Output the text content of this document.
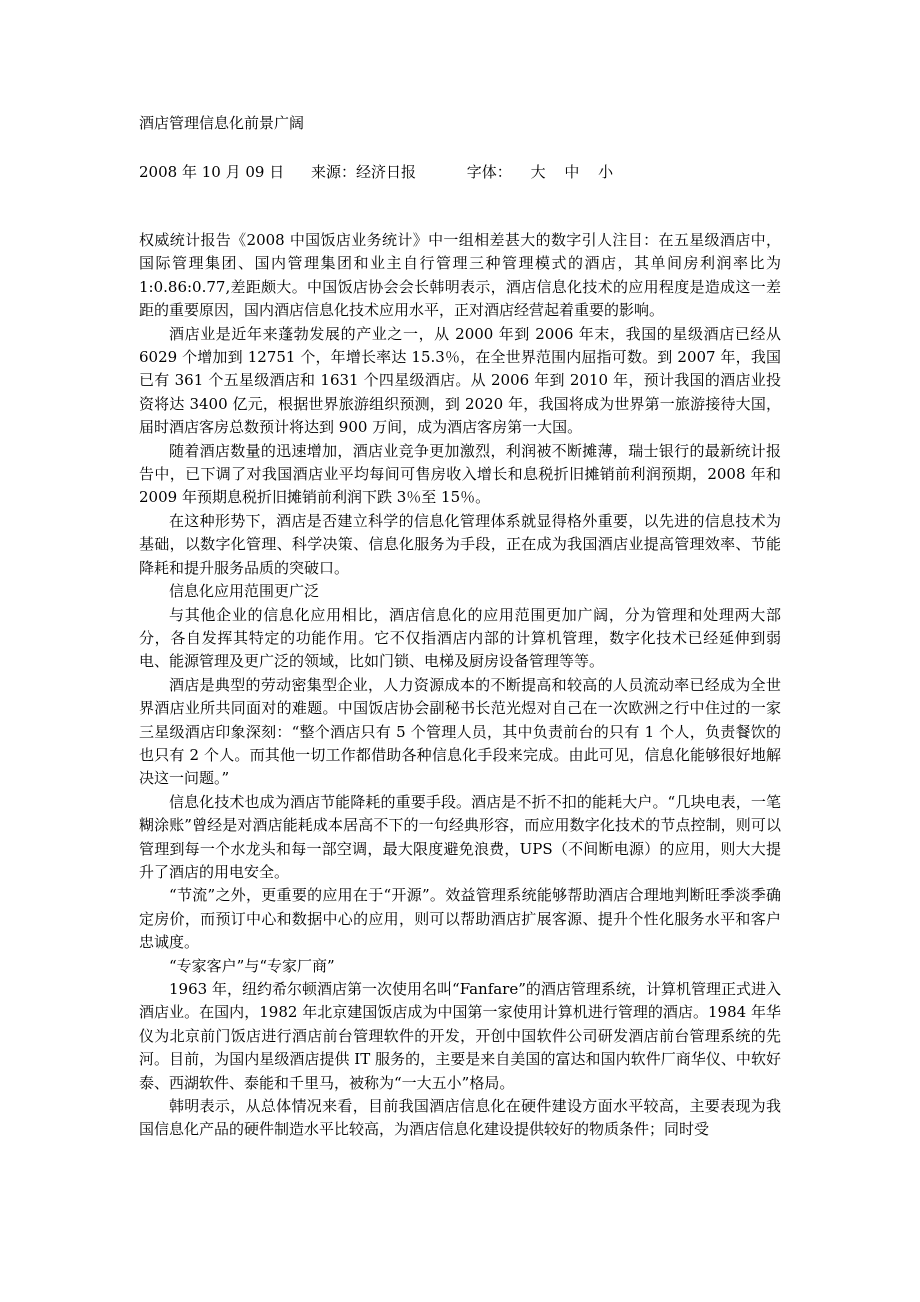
酒店管理信息化前景广阔
2008 年 10 月 09 日 来源：经济日报	字体： 大 中 小

权威统计报告《2008 中国饭店业务统计》中一组相差甚大的数字引人注目：在五星级酒店中，国际管理集团、国内管理集团和业主自行管理三种管理模式的酒店，其单间房利润率比为 1:0.86:0.77,差距颇大。中国饭店协会会长韩明表示，酒店信息化技术的应用程度是造成这一差距的重要原因，国内酒店信息化技术应用水平，正对酒店经营起着重要的影响。

酒店业是近年来蓬勃发展的产业之一，从 2000 年到 2006 年末，我国的星级酒店已经从 6029 个增加到 12751 个，年增长率达 15.3％，在全世界范围内屈指可数。到 2007 年，我国已有 361 个五星级酒店和 1631 个四星级酒店。从 2006 年到 2010 年，预计我国的酒店业投资将达 3400 亿元，根据世界旅游组织预测，到 2020 年，我国将成为世界第一旅游接待大国，届时酒店客房总数预计将达到 900 万间，成为酒店客房第一大国。

随着酒店数量的迅速增加，酒店业竞争更加激烈，利润被不断摊薄，瑞士银行的最新统计报告中，已下调了对我国酒店业平均每间可售房收入增长和息税折旧摊销前利润预期，2008 年和 2009 年预期息税折旧摊销前利润下跌 3％至 15％。

在这种形势下，酒店是否建立科学的信息化管理体系就显得格外重要，以先进的信息技术为基础，以数字化管理、科学决策、信息化服务为手段，正在成为我国酒店业提高管理效率、节能降耗和提升服务品质的突破口。

信息化应用范围更广泛

与其他企业的信息化应用相比，酒店信息化的应用范围更加广阔，分为管理和处理两大部分，各自发挥其特定的功能作用。它不仅指酒店内部的计算机管理，数字化技术已经延伸到弱电、能源管理及更广泛的领域，比如门锁、电梯及厨房设备管理等等。

酒店是典型的劳动密集型企业，人力资源成本的不断提高和较高的人员流动率已经成为全世界酒店业所共同面对的难题。中国饭店协会副秘书长范光煜对自己在一次欧洲之行中住过的一家三星级酒店印象深刻：“整个酒店只有 5 个管理人员，其中负责前台的只有 1 个人，负责餐饮的也只有 2 个人。而其他一切工作都借助各种信息化手段来完成。由此可见，信息化能够很好地解决这一问题。”

信息化技术也成为酒店节能降耗的重要手段。酒店是不折不扣的能耗大户。“几块电表，一笔糊涂账”曾经是对酒店能耗成本居高不下的一句经典形容，而应用数字化技术的节点控制，则可以管理到每一个水龙头和每一部空调，最大限度避免浪费，UPS（不间断电源）的应用，则大大提升了酒店的用电安全。

“节流”之外，更重要的应用在于“开源”。效益管理系统能够帮助酒店合理地判断旺季淡季确定房价，而预订中心和数据中心的应用，则可以帮助酒店扩展客源、提升个性化服务水平和客户忠诚度。

“专家客户”与“专家厂商”

1963 年，纽约希尔顿酒店第一次使用名叫“Fanfare”的酒店管理系统，计算机管理正式进入酒店业。在国内，1982 年北京建国饭店成为中国第一家使用计算机进行管理的酒店。1984 年华仪为北京前门饭店进行酒店前台管理软件的开发，开创中国软件公司研发酒店前台管理系统的先河。目前，为国内星级酒店提供 IT 服务的，主要是来自美国的富达和国内软件厂商华仪、中软好泰、西湖软件、泰能和千里马，被称为“一大五小”格局。

韩明表示，从总体情况来看，目前我国酒店信息化在硬件建设方面水平较高，主要表现为我国信息化产品的硬件制造水平比较高，为酒店信息化建设提供较好的物质条件；同时受
